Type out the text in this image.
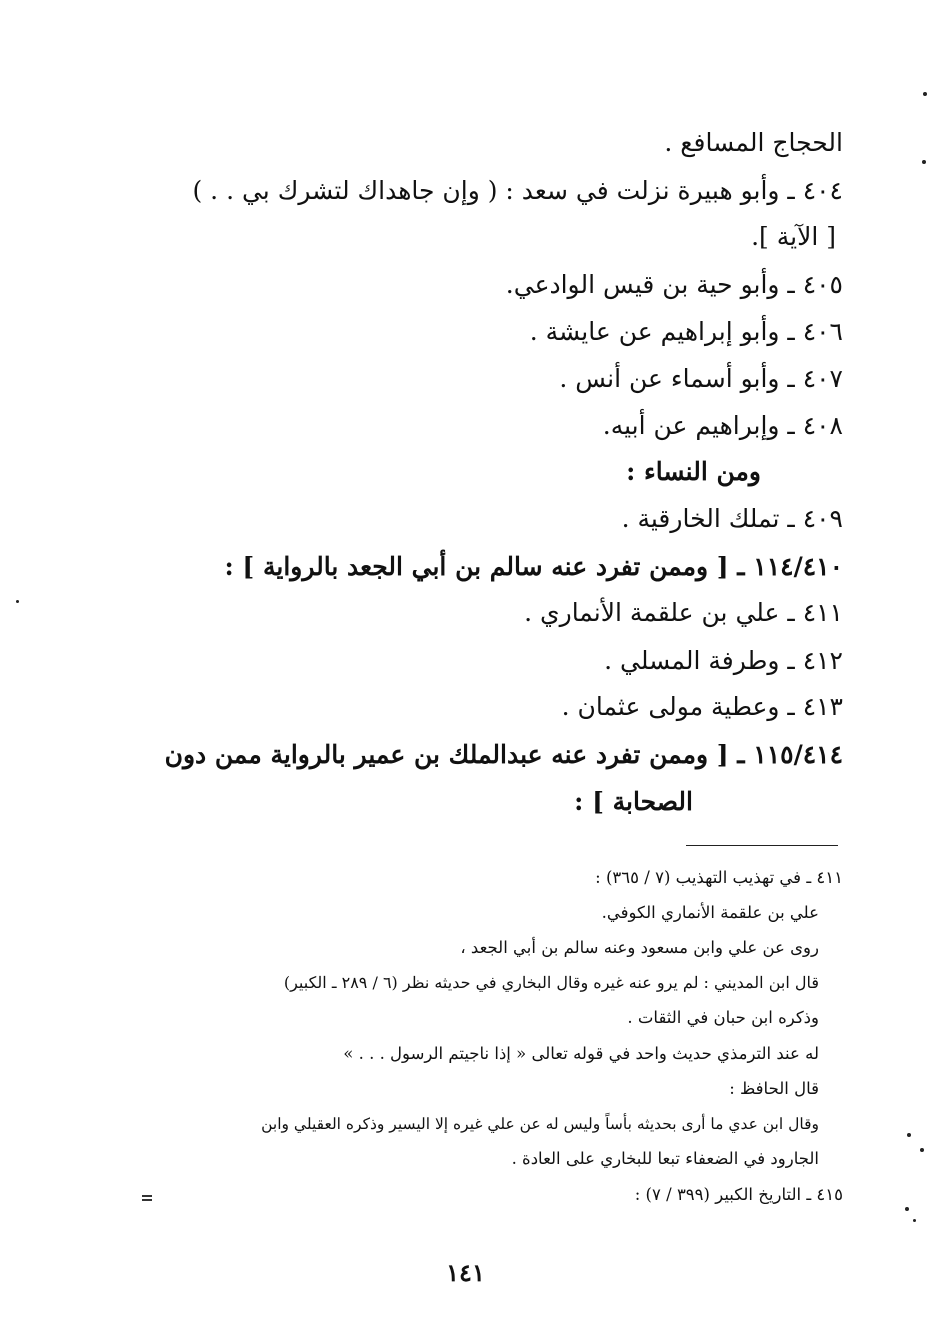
الحجاج المسافع .
٤٠٤ ـ وأبو هبيرة نزلت في سعد : ( وإن جاهداك لتشرك بي . . )
[ الآية ].
٤٠٥ ـ وأبو حية بن قيس الوادعي.
٤٠٦ ـ وأبو إبراهيم عن عايشة .
٤٠٧ ـ وأبو أسماء عن أنس .
٤٠٨ ـ وإبراهيم عن أبيه.
ومن النساء :
٤٠٩ ـ تملك الخارقية .
١١٤/٤١٠ ـ [ وممن تفرد عنه سالم بن أبي الجعد بالرواية ] :
٤١١ ـ علي بن علقمة الأنماري .
٤١٢ ـ وطرفة المسلي .
٤١٣ ـ وعطية مولى عثمان .
١١٥/٤١٤ ـ [ وممن تفرد عنه عبدالملك بن عمير بالرواية ممن دون
الصحابة ] :
٤١١ ـ في تهذيب التهذيب (٧ / ٣٦٥) :
علي بن علقمة الأنماري الكوفي.
روى عن علي وابن مسعود وعنه سالم بن أبي الجعد ،
قال ابن المديني : لم يرو عنه غيره وقال البخاري في حديثه نظر (٦ / ٢٨٩ ـ الكبير)
وذكره ابن حبان في الثقات .
له عند الترمذي حديث واحد في قوله تعالى « إذا ناجيتم الرسول . . . »
قال الحافظ :
وقال ابن عدي ما أرى بحديثه بأساً وليس له عن علي غيره إلا اليسير وذكره العقيلي وابن
الجارود في الضعفاء تبعا للبخاري على العادة .
٤١٥ ـ التاريخ الكبير (٣٩٩ / ٧) :
١٤١
